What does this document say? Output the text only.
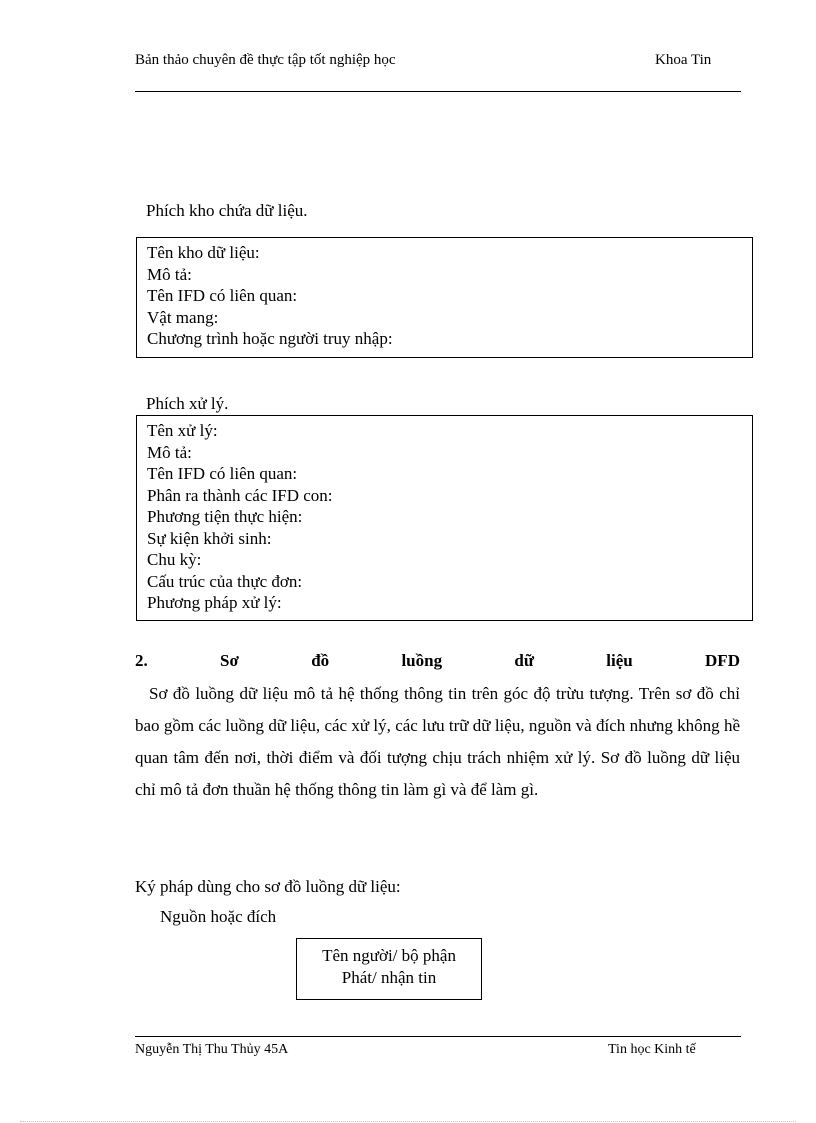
Bản thảo chuyên đề thực tập tốt nghiệp học	Khoa Tin
Phích kho chứa dữ liệu.
Tên kho dữ liệu:
Mô tả:
Tên IFD có liên quan:
Vật mang:
Chương trình hoặc người truy nhập:
Phích xử lý.
Tên xử lý:
Mô tả:
Tên IFD có liên quan:
Phân ra thành các IFD con:
Phương tiện thực hiện:
Sự kiện khởi sinh:
Chu kỳ:
Cấu trúc của thực đơn:
Phương pháp xử lý:
2.	Sơ	đồ	luồng	dữ	liệu	DFD
Sơ đồ luồng dữ liệu mô tả hệ thống thông tin trên góc độ trừu tượng. Trên sơ đồ chỉ bao gồm các luồng dữ liệu, các xử lý, các lưu trữ dữ liệu, nguồn và đích nhưng không hề quan tâm đến nơi, thời điểm và đối tượng chịu trách nhiệm xử lý. Sơ đồ luồng dữ liệu chỉ mô tả đơn thuần hệ thống thông tin làm gì và để làm gì.
Ký pháp dùng cho sơ đồ luồng dữ liệu:
Nguồn hoặc đích
Tên người/ bộ phận
Phát/ nhận tin
Nguyễn Thị Thu Thủy 45A	Tin học Kinh tế
